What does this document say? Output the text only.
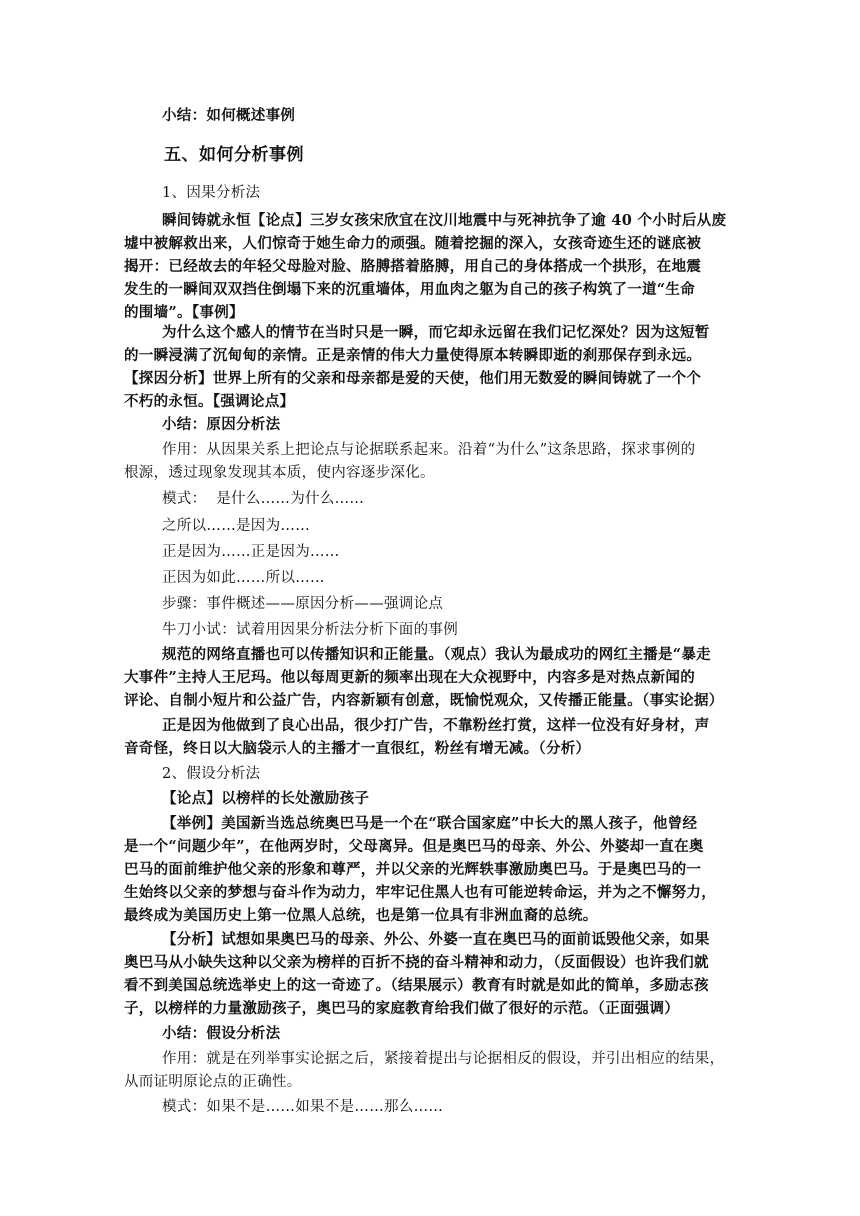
小结：如何概述事例
五、如何分析事例
1、因果分析法
瞬间铸就永恒【论点】三岁女孩宋欣宜在汶川地震中与死神抗争了逾 40 个小时后从废
墟中被解救出来，人们惊奇于她生命力的顽强。随着挖掘的深入，女孩奇迹生还的谜底被
揭开：已经故去的年轻父母脸对脸、胳膊搭着胳膊，用自己的身体搭成一个拱形，在地震
发生的一瞬间双双挡住倒塌下来的沉重墙体，用血肉之躯为自己的孩子构筑了一道“生命
的围墙”。【事例】
为什么这个感人的情节在当时只是一瞬，而它却永远留在我们记忆深处？因为这短暂
的一瞬浸满了沉甸甸的亲情。正是亲情的伟大力量使得原本转瞬即逝的刹那保存到永远。
【探因分析】世界上所有的父亲和母亲都是爱的天使，他们用无数爱的瞬间铸就了一个个
不朽的永恒。【强调论点】
小结：原因分析法
作用：从因果关系上把论点与论据联系起来。沿着“为什么”这条思路，探求事例的
根源，透过现象发现其本质，使内容逐步深化。
模式：  是什么……为什么……
之所以……是因为……
正是因为……正是因为……
正因为如此……所以……
步骤：事件概述——原因分析——强调论点
牛刀小试：试着用因果分析法分析下面的事例
规范的网络直播也可以传播知识和正能量。（观点）我认为最成功的网红主播是“暴走
大事件”主持人王尼玛。他以每周更新的频率出现在大众视野中，内容多是对热点新闻的
评论、自制小短片和公益广告，内容新颖有创意，既愉悦观众，又传播正能量。（事实论据）
正是因为他做到了良心出品，很少打广告，不靠粉丝打赏，这样一位没有好身材，声
音奇怪，终日以大脑袋示人的主播才一直很红，粉丝有增无减。（分析）
2、假设分析法
【论点】以榜样的长处激励孩子
【举例】美国新当选总统奥巴马是一个在“联合国家庭”中长大的黑人孩子，他曾经
是一个“问题少年”，在他两岁时，父母离异。但是奥巴马的母亲、外公、外婆却一直在奥
巴马的面前维护他父亲的形象和尊严，并以父亲的光辉轶事激励奥巴马。于是奥巴马的一
生始终以父亲的梦想与奋斗作为动力，牢牢记住黑人也有可能逆转命运，并为之不懈努力，
最终成为美国历史上第一位黑人总统，也是第一位具有非洲血裔的总统。
【分析】试想如果奥巴马的母亲、外公、外婆一直在奥巴马的面前诋毁他父亲，如果
奥巴马从小缺失这种以父亲为榜样的百折不挠的奋斗精神和动力，（反面假设）也许我们就
看不到美国总统选举史上的这一奇迹了。（结果展示）教育有时就是如此的简单，多励志孩
子，以榜样的力量激励孩子，奥巴马的家庭教育给我们做了很好的示范。（正面强调）
小结：假设分析法
作用：就是在列举事实论据之后，紧接着提出与论据相反的假设，并引出相应的结果，
从而证明原论点的正确性。
模式：如果不是……如果不是……那么……
